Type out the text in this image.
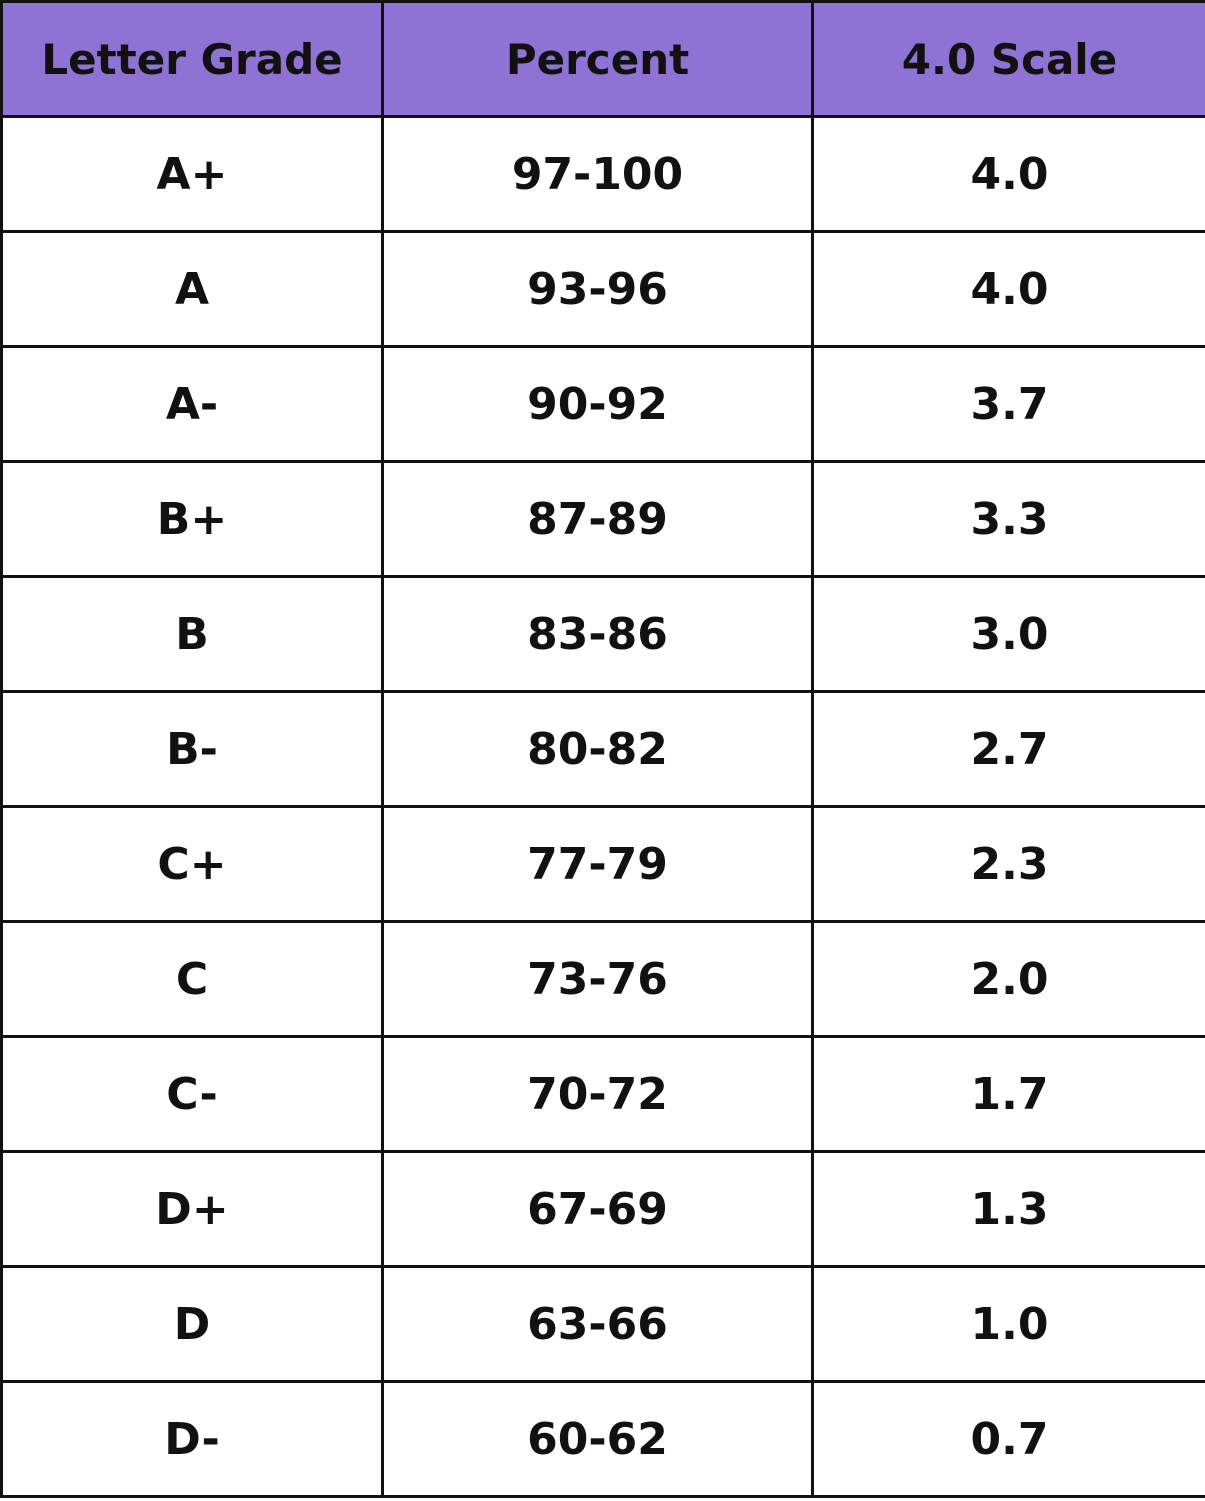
Letter Grade	Percent	4.0 Scale
A+	97-100	4.0
A	93-96	4.0
A-	90-92	3.7
B+	87-89	3.3
B	83-86	3.0
B-	80-82	2.7
C+	77-79	2.3
C	73-76	2.0
C-	70-72	1.7
D+	67-69	1.3
D	63-66	1.0
D-	60-62	0.7
